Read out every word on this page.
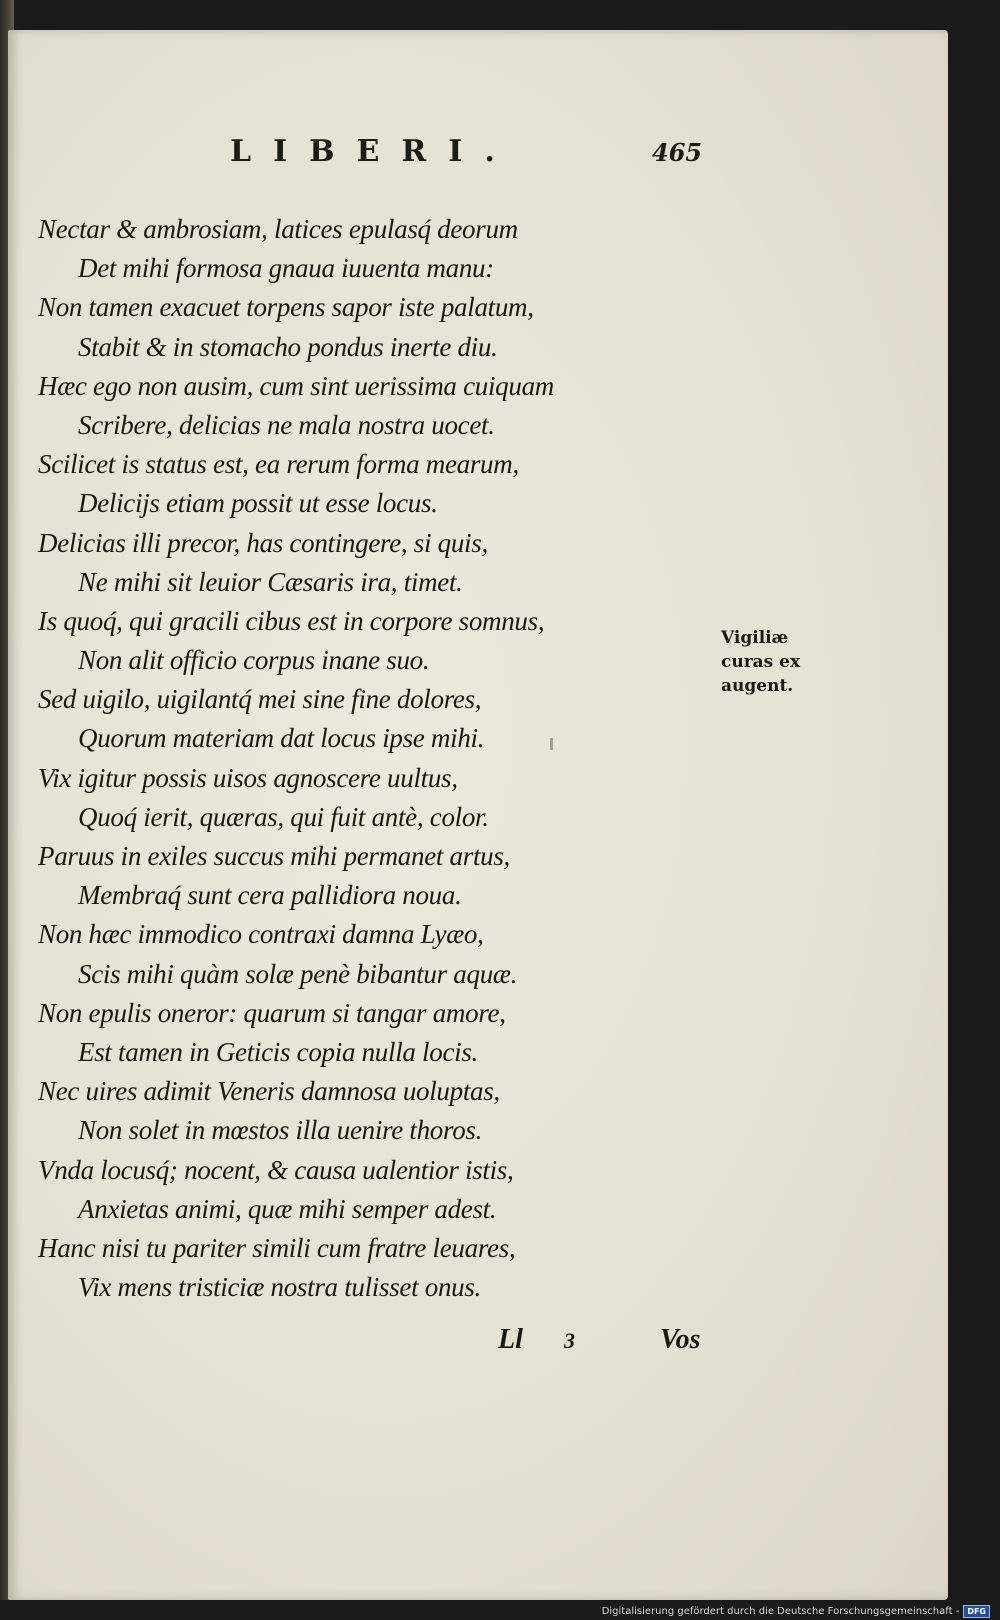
LIBERI.	465
Nectar & ambrosiam, latices epulasq́ deorum
Det mihi formosa gnaua iuuenta manu:
Non tamen exacuet torpens sapor iste palatum,
Stabit & in stomacho pondus inerte diu.
Hæc ego non ausim, cum sint uerissima cuiquam
Scribere, delicias ne mala nostra uocet.
Scilicet is status est, ea rerum forma mearum,
Delicijs etiam possit ut esse locus.
Delicias illi precor, has contingere, si quis,
Ne mihi sit leuior Cæsaris ira, timet.
Is quoq́, qui gracili cibus est in corpore somnus,
Non alit officio corpus inane suo.
Sed uigilo, uigilantq́ mei sine fine dolores,
Quorum materiam dat locus ipse mihi.
Vix igitur possis uisos agnoscere uultus,
Quoq́ ierit, quæras, qui fuit antè, color.
Paruus in exiles succus mihi permanet artus,
Membraq́ sunt cera pallidiora noua.
Non hæc immodico contraxi damna Lyæo,
Scis mihi quàm solæ penè bibantur aquæ.
Non epulis oneror: quarum si tangar amore,
Est tamen in Geticis copia nulla locis.
Nec uires adimit Veneris damnosa uoluptas,
Non solet in mœstos illa uenire thoros.
Vnda locusq́; nocent, & causa ualentior istis,
Anxietas animi, quæ mihi semper adest.
Hanc nisi tu pariter simili cum fratre leuares,
Vix mens tristiciæ nostra tulisset onus.
Vigiliæ
curas ex
augent.
Ll 3	Vos
Digitalisierung gefördert durch die Deutsche Forschungsgemeinschaft -	DFG
